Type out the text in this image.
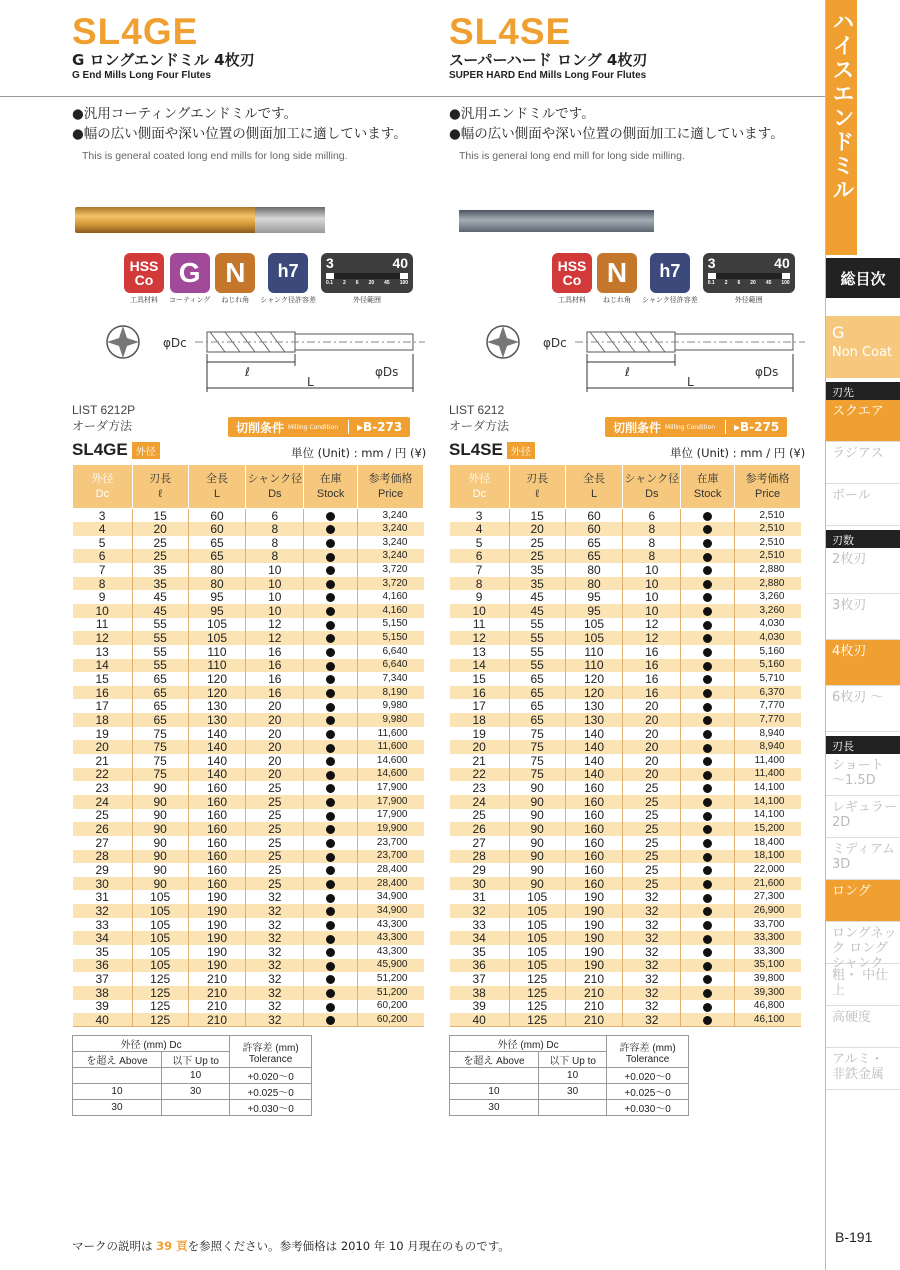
SL4GE
G ロングエンドミル 4枚刃
G End Mills Long Four Flutes
SL4SE
スーパーハード ロング 4枚刃
SUPER HARD End Mills Long Four Flutes

●汎用コーティングエンドミルです。

●幅の広い側面や深い位置の側面加工に適しています。

This is general coated long end mills for long side milling.

●汎用エンドミルです。

●幅の広い側面や深い位置の側面加工に適しています。

This is general long end mill for long side milling.

HSS
Co
工具材料
G
コーティング
N
ねじれ角
h7
シャンク径許容差
3	40
0.1 2 6 20 45 100
外径範囲
HSS
Co
工具材料
N
ねじれ角
h7
シャンク径許容差
3	40
0.1 2 6 20 45 100
外径範囲
φDc
ℓ
L
φDs
φDc
ℓ
L
φDs
LIST 6212P
オーダ方法
LIST 6212
オーダ方法
切削条件 Milling Condition	▸B-273	切削条件 Milling Condition	▸B-275
SL4GE 外径	単位 (Unit) : mm / 円 (¥) SL4SE 外径	単位 (Unit) : mm / 円 (¥)
外径
Dc	刃長
ℓ	全長
L	シャンク径
Ds	在庫
Stock	参考価格
Price
3	15	60	6		3,240
4	20	60	8		3,240
5	25	65	8		3,240
6	25	65	8		3,240
7	35	80	10		3,720
8	35	80	10		3,720
9	45	95	10		4,160
10	45	95	10		4,160
11	55	105	12		5,150
12	55	105	12		5,150
13	55	110	16		6,640
14	55	110	16		6,640
15	65	120	16		7,340
16	65	120	16		8,190
17	65	130	20		9,980
18	65	130	20		9,980
19	75	140	20		11,600
20	75	140	20		11,600
21	75	140	20		14,600
22	75	140	20		14,600
23	90	160	25		17,900
24	90	160	25		17,900
25	90	160	25		17,900
26	90	160	25		19,900
27	90	160	25		23,700
28	90	160	25		23,700
29	90	160	25		28,400
30	90	160	25		28,400
31	105	190	32		34,900
32	105	190	32		34,900
33	105	190	32		43,300
34	105	190	32		43,300
35	105	190	32		43,300
36	105	190	32		45,900
37	125	210	32		51,200
38	125	210	32		51,200
39	125	210	32		60,200
40	125	210	32		60,200
外径
Dc	刃長
ℓ	全長
L	シャンク径
Ds	在庫
Stock	参考価格
Price
3	15	60	6		2,510
4	20	60	8		2,510
5	25	65	8		2,510
6	25	65	8		2,510
7	35	80	10		2,880
8	35	80	10		2,880
9	45	95	10		3,260
10	45	95	10		3,260
11	55	105	12		4,030
12	55	105	12		4,030
13	55	110	16		5,160
14	55	110	16		5,160
15	65	120	16		5,710
16	65	120	16		6,370
17	65	130	20		7,770
18	65	130	20		7,770
19	75	140	20		8,940
20	75	140	20		8,940
21	75	140	20		11,400
22	75	140	20		11,400
23	90	160	25		14,100
24	90	160	25		14,100
25	90	160	25		14,100
26	90	160	25		15,200
27	90	160	25		18,400
28	90	160	25		18,100
29	90	160	25		22,000
30	90	160	25		21,600
31	105	190	32		27,300
32	105	190	32		26,900
33	105	190	32		33,700
34	105	190	32		33,300
35	105	190	32		33,300
36	105	190	32		35,100
37	125	210	32		39,800
38	125	210	32		39,300
39	125	210	32		46,800
40	125	210	32		46,100
外径 (mm) Dc		許容差 (mm)
Tolerance
を超え Above	以下 Up to	
	10	+0.020～0
10	30	+0.025～0
30		+0.030～0
外径 (mm) Dc		許容差 (mm)
Tolerance
を超え Above	以下 Up to	
	10	+0.020～0
10	30	+0.025～0
30		+0.030～0
マークの説明は 39 頁を参照ください。参考価格は 2010 年 10 月現在のものです。
ハイスエンドミル
総目次
G
Non Coat
刃先
スクエア
ラジアス
ボール
刃数
2枚刃
3枚刃
4枚刃
6枚刃 ～
刃長
ショート ～1.5D
レギュラー 2D
ミディアム 3D
ロング
ロングネック ロングシャンク
粗・ 中仕上
高硬度
アルミ・ 非鉄金属
B-191
